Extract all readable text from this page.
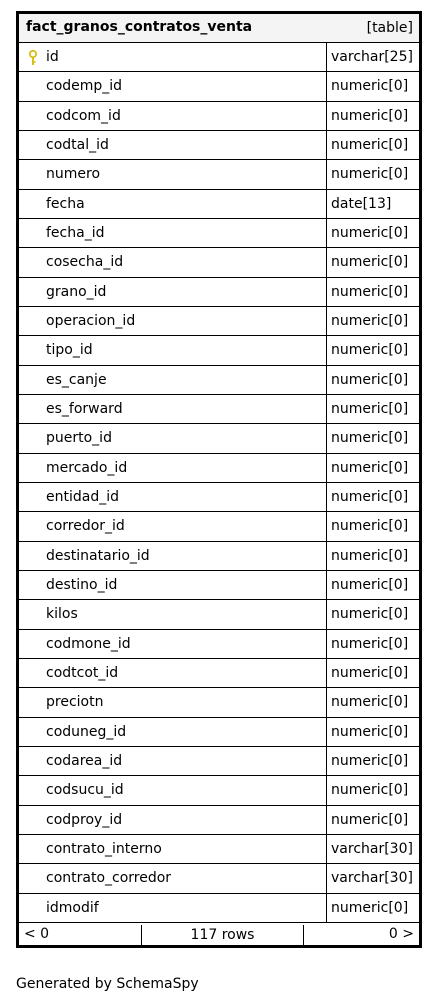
fact_granos_contratos_venta	[table]
id	varchar[25]
codemp_id	numeric[0]
codcom_id	numeric[0]
codtal_id	numeric[0]
numero	numeric[0]
fecha	date[13]
fecha_id	numeric[0]
cosecha_id	numeric[0]
grano_id	numeric[0]
operacion_id	numeric[0]
tipo_id	numeric[0]
es_canje	numeric[0]
es_forward	numeric[0]
puerto_id	numeric[0]
mercado_id	numeric[0]
entidad_id	numeric[0]
corredor_id	numeric[0]
destinatario_id	numeric[0]
destino_id	numeric[0]
kilos	numeric[0]
codmone_id	numeric[0]
codtcot_id	numeric[0]
preciotn	numeric[0]
coduneg_id	numeric[0]
codarea_id	numeric[0]
codsucu_id	numeric[0]
codproy_id	numeric[0]
contrato_interno	varchar[30]
contrato_corredor	varchar[30]
idmodif	numeric[0]
< 0	117 rows	0 >
Generated by SchemaSpy
